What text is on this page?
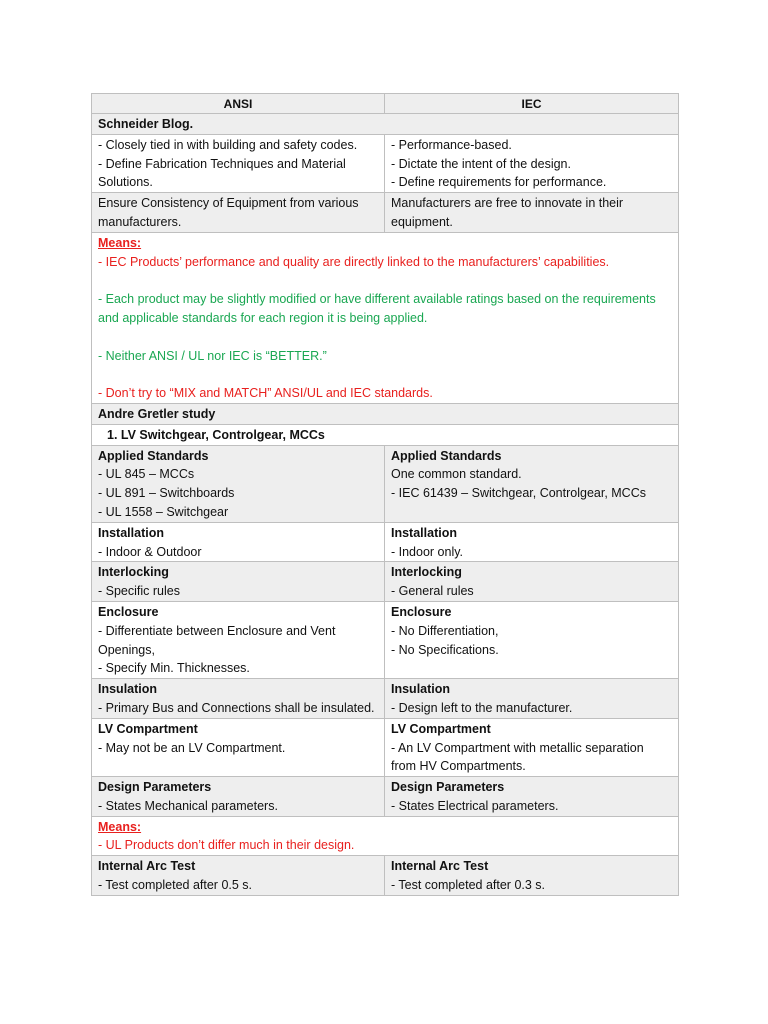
ANSI	IEC
Schneider Blog.	

- Closely tied in with building and safety codes.
- Define Fabrication Techniques and Material Solutions.	- Performance-based.
- Dictate the intent of the design.
- Define requirements for performance.

Ensure Consistency of Equipment from various manufacturers.	Manufacturers are free to innovate in their equipment.

Means:
- IEC Products’ performance and quality are directly linked to the manufacturers’ capabilities.
- Each product may be slightly modified or have different available ratings based on the requirements and applicable standards for each region it is being applied.
- Neither ANSI / UL nor IEC is “BETTER.”
- Don’t try to “MIX and MATCH” ANSI/UL and IEC standards.	

Andre Gretler study	
1. LV Switchgear, Controlgear, MCCs	

Applied Standards
- UL 845 – MCCs
- UL 891 – Switchboards
- UL 1558 – Switchgear	Applied Standards
One common standard.
- IEC 61439 – Switchgear, Controlgear, MCCs

Installation
- Indoor & Outdoor	Installation
- Indoor only.

Interlocking
- Specific rules	Interlocking
- General rules

Enclosure
- Differentiate between Enclosure and Vent Openings,
- Specify Min. Thicknesses.	Enclosure
- No Differentiation,
- No Specifications.

Insulation
- Primary Bus and Connections shall be insulated.	Insulation
- Design left to the manufacturer.

LV Compartment
- May not be an LV Compartment.	LV Compartment
- An LV Compartment with metallic separation from HV Compartments.

Design Parameters
- States Mechanical parameters.	Design Parameters
- States Electrical parameters.

Means:
- UL Products don’t differ much in their design.	

Internal Arc Test
- Test completed after 0.5 s.	Internal Arc Test
- Test completed after 0.3 s.
